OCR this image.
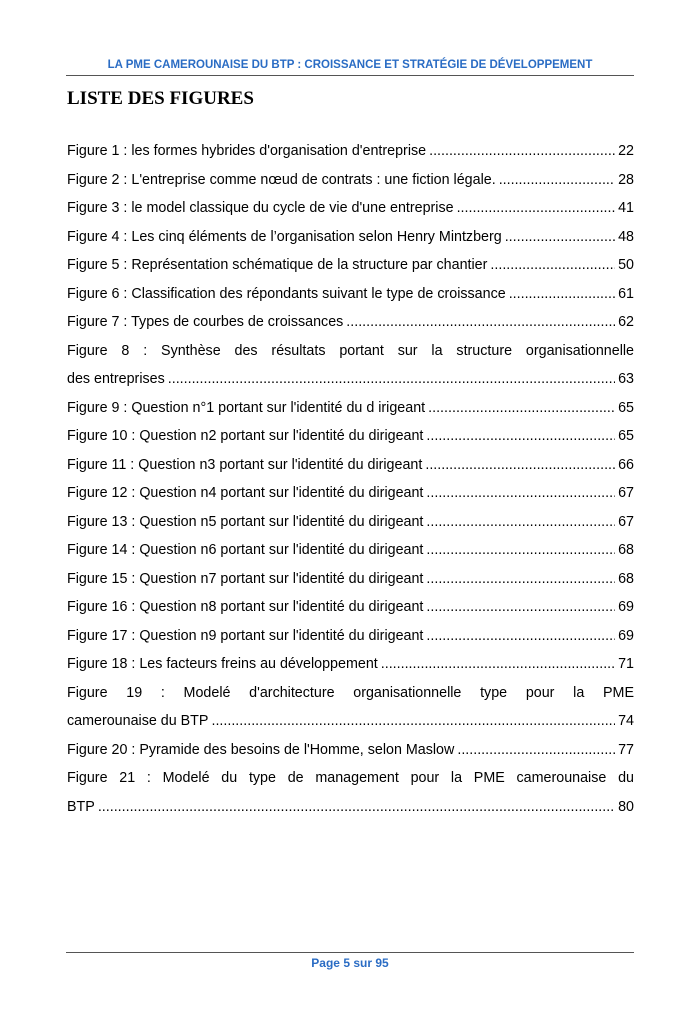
LA PME CAMEROUNAISE DU BTP : CROISSANCE ET STRATÉGIE DE DÉVELOPPEMENT
LISTE DES FIGURES
Figure 1 : les formes hybrides d'organisation d'entreprise .....	22
Figure 2 : L'entreprise comme nœud de contrats : une fiction légale. .....	28
Figure 3 : le model classique du cycle de vie d'une entreprise .....	41
Figure 4 : Les cinq éléments de l’organisation selon Henry Mintzberg .....	48
Figure 5 : Représentation schématique de la structure par chantier .....	50
Figure 6 : Classification des répondants suivant le type de croissance .....	61
Figure 7 : Types de courbes de croissances .....	62
Figure 8 : Synthèse des résultats portant sur la structure organisationnelle
des entreprises .....	63
Figure 9 : Question n°1 portant sur l'identité du d irigeant .....	65
Figure 10 : Question n2 portant sur l'identité du dirigeant .....	65
Figure 11 : Question n3 portant sur l'identité du dirigeant .....	66
Figure 12 : Question n4 portant sur l'identité du dirigeant .....	67
Figure 13 : Question n5 portant sur l'identité du dirigeant .....	67
Figure 14 : Question n6 portant sur l'identité du dirigeant .....	68
Figure 15 : Question n7 portant sur l'identité du dirigeant .....	68
Figure 16 : Question n8 portant sur l'identité du dirigeant .....	69
Figure 17 : Question n9 portant sur l'identité du dirigeant .....	69
Figure 18 : Les facteurs freins au développement .....	71
Figure 19 : Modelé d'architecture organisationnelle type pour la PME
camerounaise du BTP .....	74
Figure 20 : Pyramide des besoins de l'Homme, selon Maslow .....	77
Figure 21 : Modelé du type de management pour la PME camerounaise du
BTP .....	80
Page 5 sur 95
